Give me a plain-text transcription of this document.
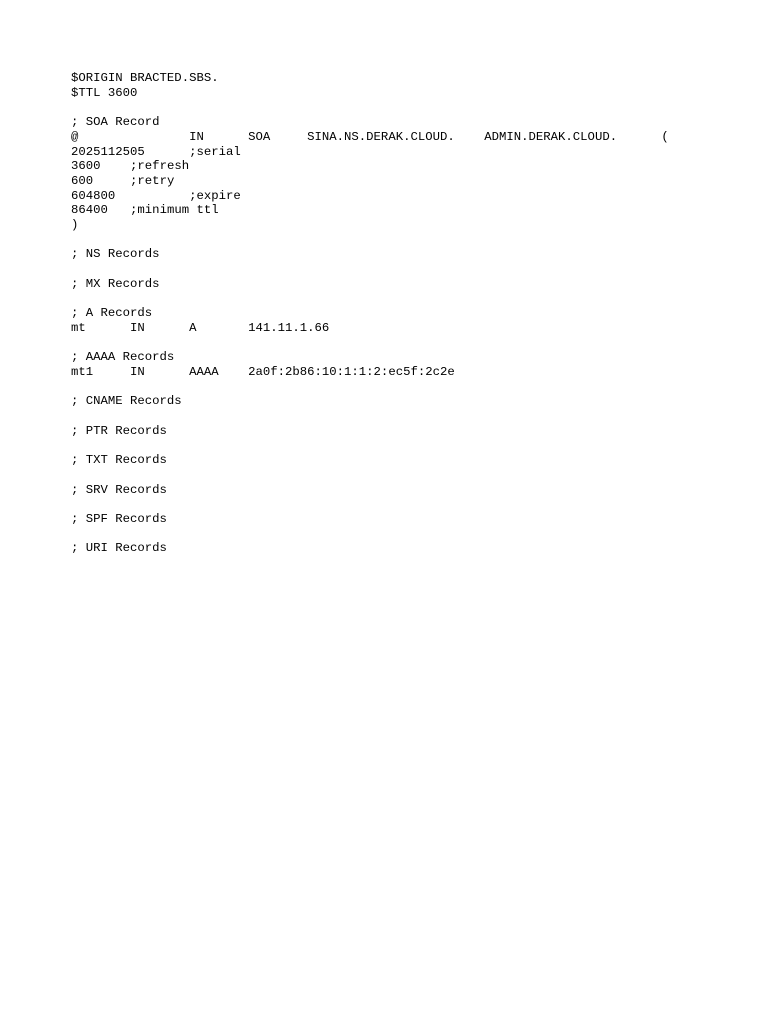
$ORIGIN BRACTED.SBS.
$TTL 3600
; SOA Record
@		IN	SOA	SINA.NS.DERAK.CLOUD.	ADMIN.DERAK.CLOUD.	(
2025112505	;serial
3600	;refresh
600	;retry
604800		;expire
86400	;minimum ttl
)
; NS Records
; MX Records
; A Records
mt	IN	A	141.11.1.66
; AAAA Records
mt1	IN	AAAA	2a0f:2b86:10:1:1:2:ec5f:2c2e
; CNAME Records
; PTR Records
; TXT Records
; SRV Records
; SPF Records
; URI Records
